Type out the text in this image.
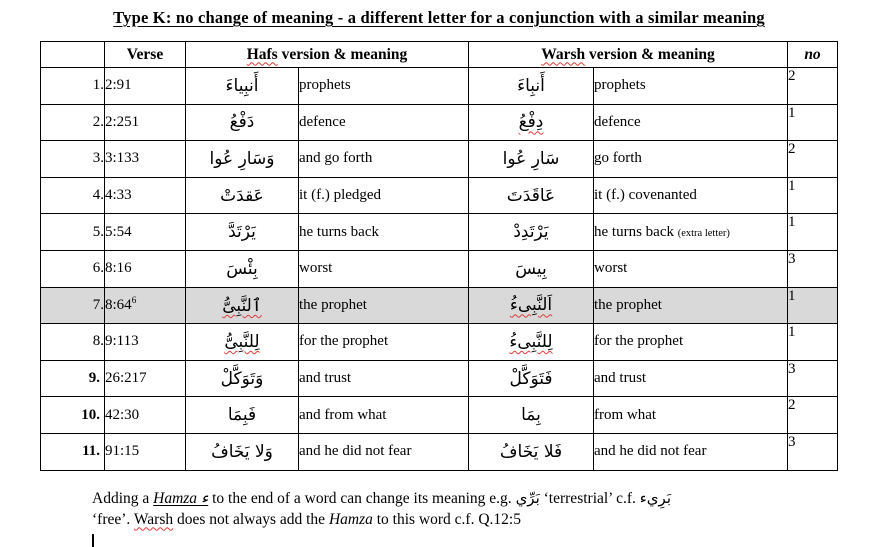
Type K: no change of meaning - a different letter for a conjunction with a similar meaning
	Verse	Hafs version & meaning		Warsh version & meaning		no
1.	2:91	أَنبِياءَ	prophets	أَنبِاءَ	prophets	2
2.	2:251	دَفْعُ	defence	دِفْعُ	defence	1
3.	3:133	وَسَارِ عُوا	and go forth	سَارِ عُوا	go forth	2
4.	4:33	عَقدَتْ	it (f.) pledged	عَاقَدَتَ	it (f.) covenanted	1
5.	5:54	يَرْتَدَّ	he turns back	يَرْتَدِدْ	he turns back (extra letter)	1
6.	8:16	بِئْسَ	worst	بِيسَ	worst	3
7.	$8:64^6$	ٱلنَّبِىُّ	the prophet	اَلنَّبِىءُ	the prophet	1
8.	9:113	لِلنَّبِىُّ	for the prophet	لِلنَّبِىءُ	for the prophet	1
9.	26:217	وَتَوَكَّلْ	and trust	فَتَوَكَّلْ	and trust	3
10.	42:30	فَبِمَا	and from what	بِمَا	from what	2
11.	91:15	وَلا يَخَافُ	and he did not fear	فَلا يَخَافُ	and he did not fear	3
Adding a Hamza ء to the end of a word can change its meaning e.g. بَرِّي ‘terrestrial’ c.f. بَرِيء
‘free’. Warsh does not always add the Hamza to this word c.f. Q.12:5
